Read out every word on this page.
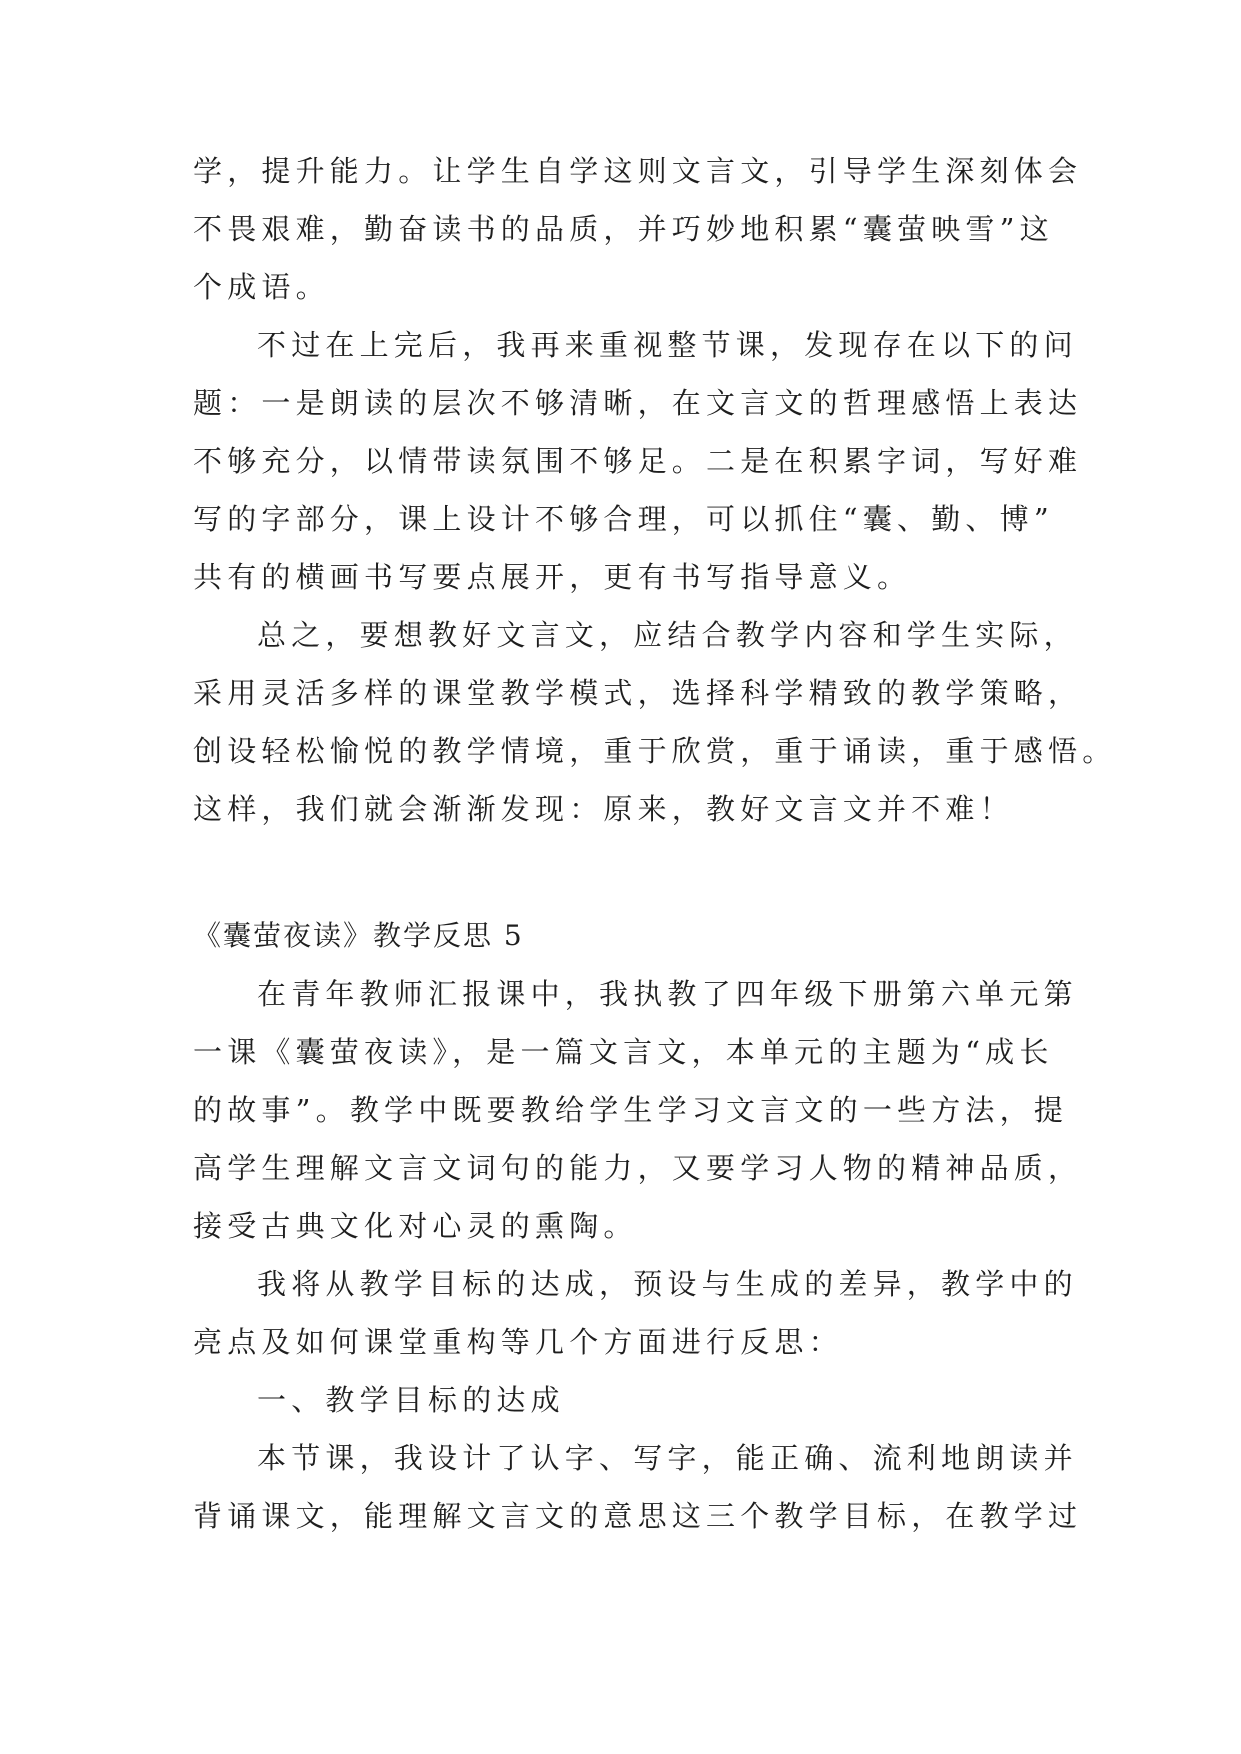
学，提升能力。让学生自学这则文言文，引导学生深刻体会
不畏艰难，勤奋读书的品质，并巧妙地积累“囊萤映雪”这
个成语。
不过在上完后，我再来重视整节课，发现存在以下的问
题：一是朗读的层次不够清晰，在文言文的哲理感悟上表达
不够充分，以情带读氛围不够足。二是在积累字词，写好难
写的字部分，课上设计不够合理，可以抓住“囊、勤、博”
共有的横画书写要点展开，更有书写指导意义。
总之，要想教好文言文，应结合教学内容和学生实际，
采用灵活多样的课堂教学模式，选择科学精致的教学策略，
创设轻松愉悦的教学情境，重于欣赏，重于诵读，重于感悟。
这样，我们就会渐渐发现：原来，教好文言文并不难！
《囊萤夜读》教学反思 5
在青年教师汇报课中，我执教了四年级下册第六单元第
一课《囊萤夜读》，是一篇文言文，本单元的主题为“成长
的故事”。教学中既要教给学生学习文言文的一些方法，提
高学生理解文言文词句的能力，又要学习人物的精神品质，
接受古典文化对心灵的熏陶。
我将从教学目标的达成，预设与生成的差异，教学中的
亮点及如何课堂重构等几个方面进行反思：
一、教学目标的达成
本节课，我设计了认字、写字，能正确、流利地朗读并
背诵课文，能理解文言文的意思这三个教学目标，在教学过
